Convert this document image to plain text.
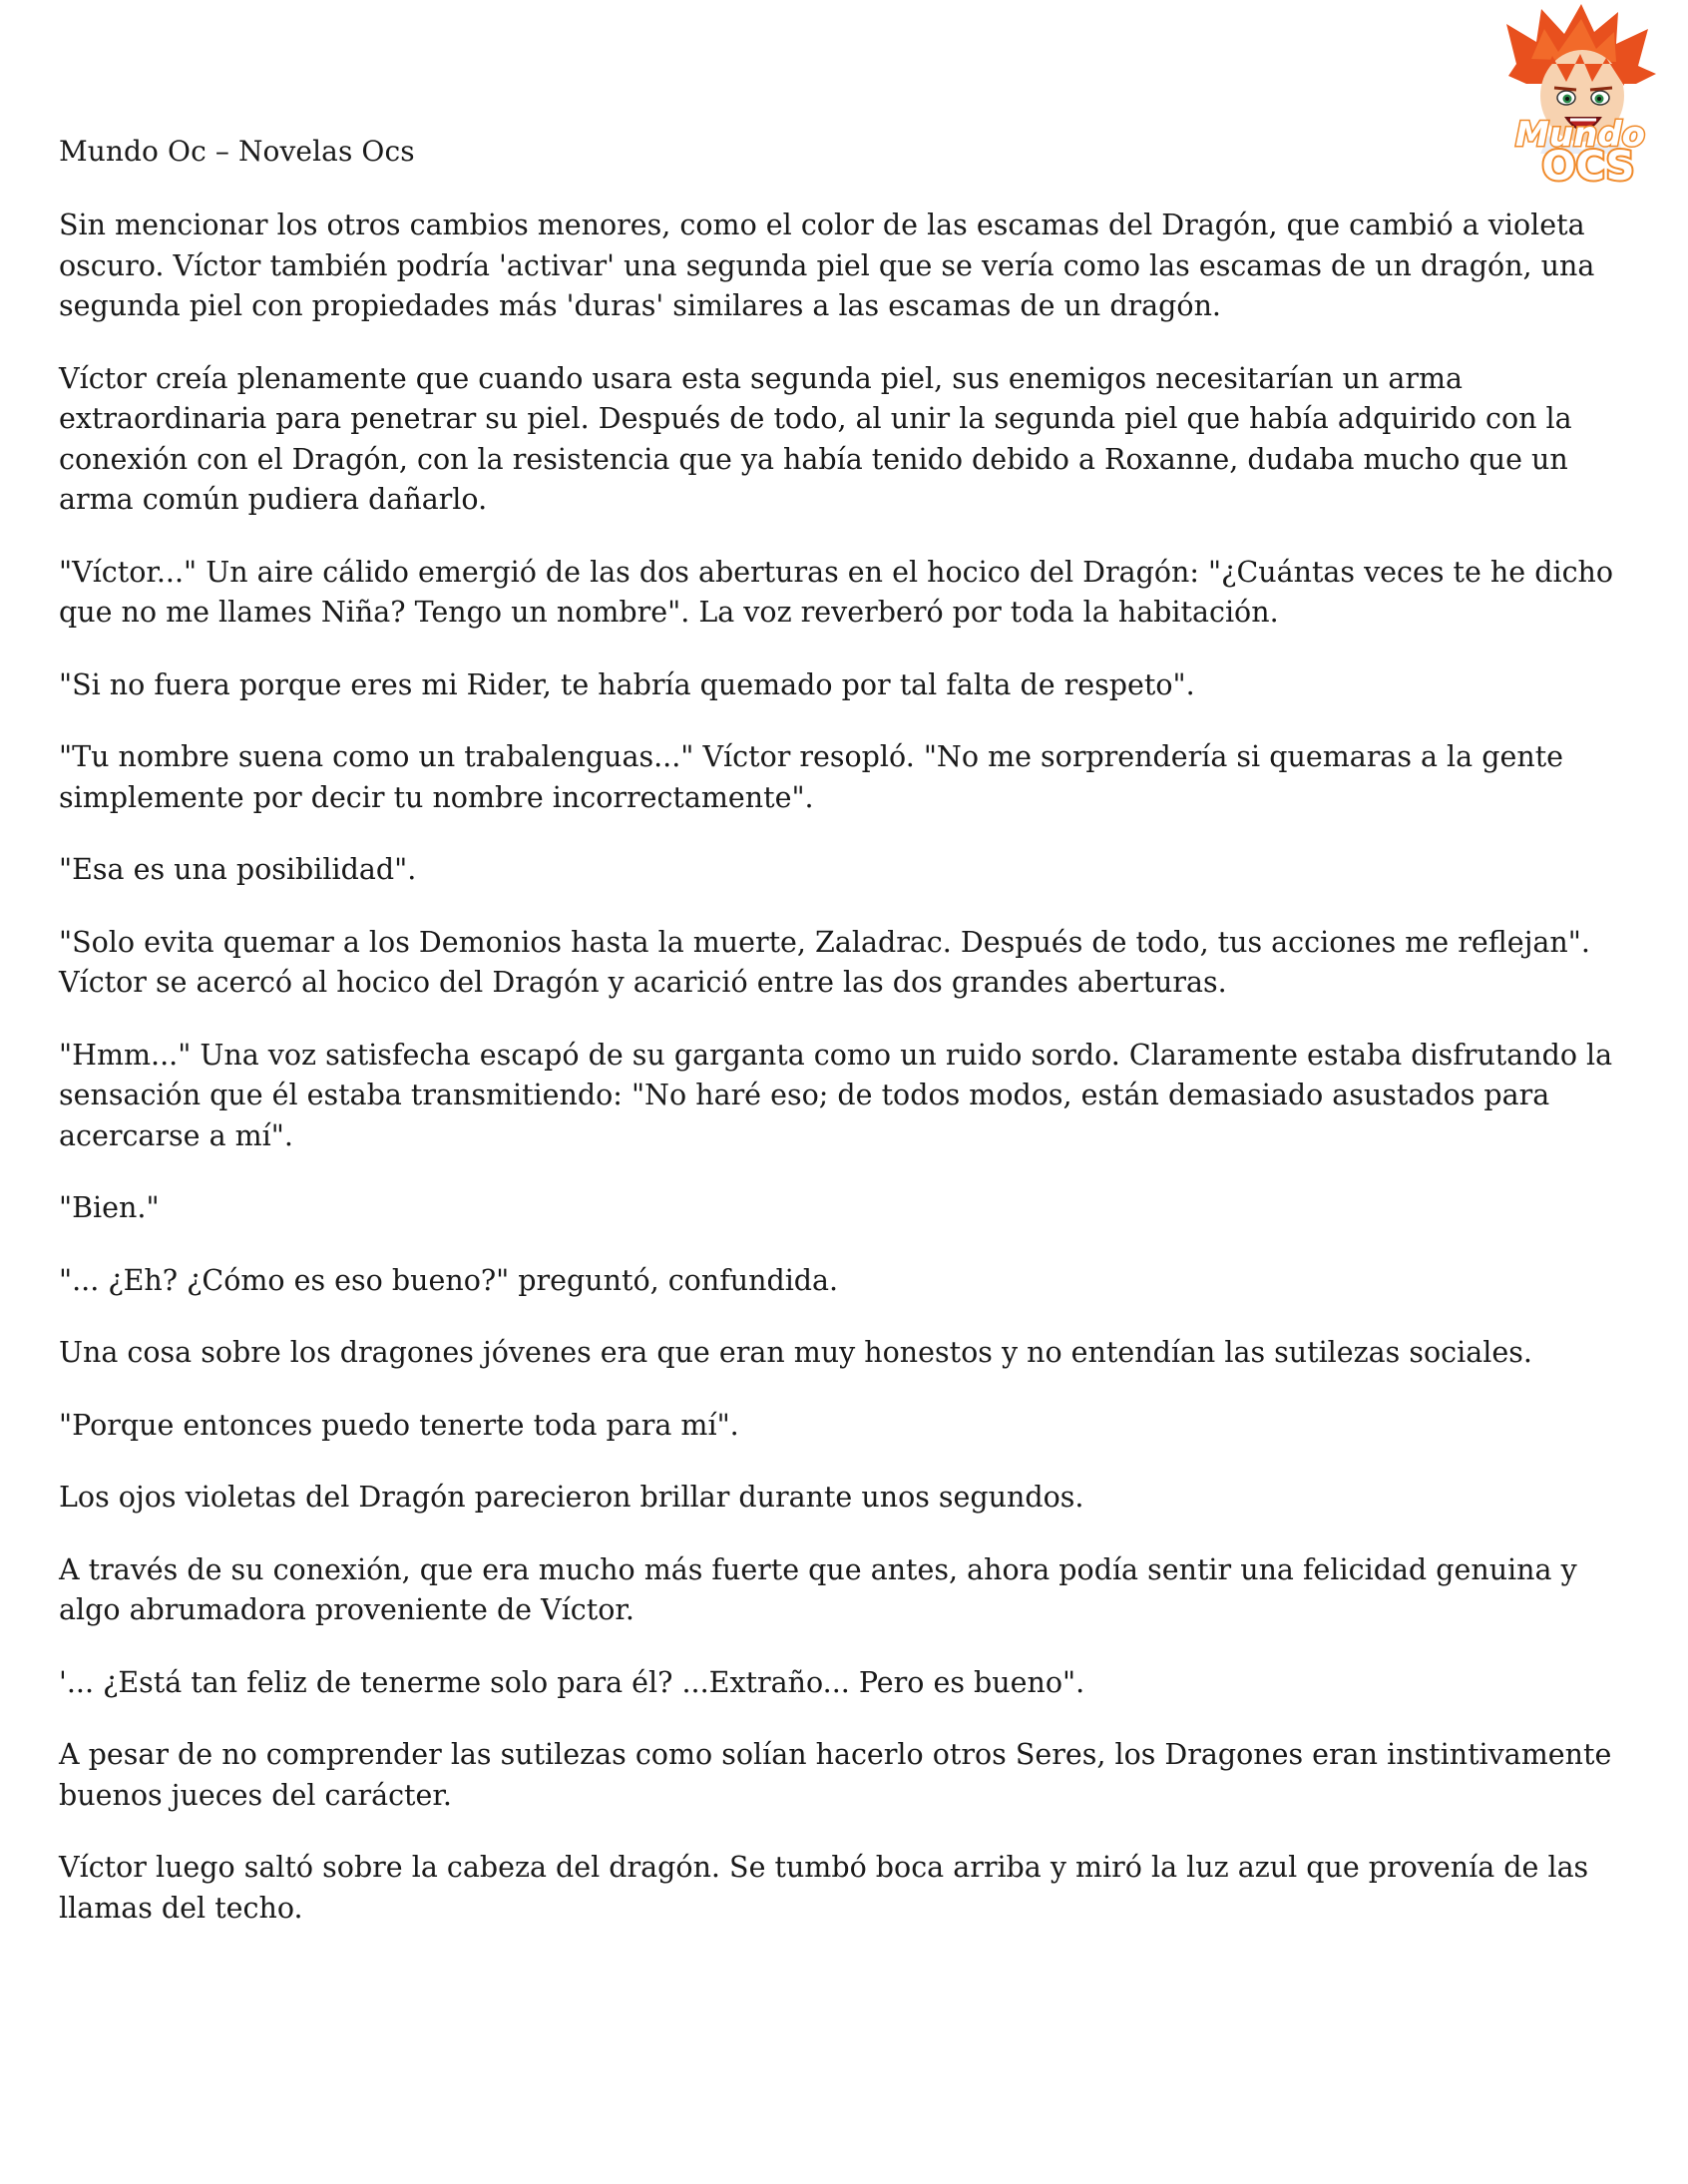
Mundo
OCS
Mundo Oc – Novelas Ocs

Sin mencionar los otros cambios menores, como el color de las escamas del Dragón, que cambió a violeta oscuro. Víctor también podría 'activar' una segunda piel que se vería como las escamas de un dragón, una segunda piel con propiedades más 'duras' similares a las escamas de un dragón.

Víctor creía plenamente que cuando usara esta segunda piel, sus enemigos necesitarían un arma extraordinaria para penetrar su piel. Después de todo, al unir la segunda piel que había adquirido con la conexión con el Dragón, con la resistencia que ya había tenido debido a Roxanne, dudaba mucho que un arma común pudiera dañarlo.

"Víctor..." Un aire cálido emergió de las dos aberturas en el hocico del Dragón: "¿Cuántas veces te he dicho que no me llames Niña? Tengo un nombre". La voz reverberó por toda la habitación.

"Si no fuera porque eres mi Rider, te habría quemado por tal falta de respeto".

"Tu nombre suena como un trabalenguas..." Víctor resopló. "No me sorprendería si quemaras a la gente simplemente por decir tu nombre incorrectamente".

"Esa es una posibilidad".

"Solo evita quemar a los Demonios hasta la muerte, Zaladrac. Después de todo, tus acciones me reflejan". Víctor se acercó al hocico del Dragón y acarició entre las dos grandes aberturas.

"Hmm..." Una voz satisfecha escapó de su garganta como un ruido sordo. Claramente estaba disfrutando la sensación que él estaba transmitiendo: "No haré eso; de todos modos, están demasiado asustados para acercarse a mí".

"Bien."

"... ¿Eh? ¿Cómo es eso bueno?" preguntó, confundida.

Una cosa sobre los dragones jóvenes era que eran muy honestos y no entendían las sutilezas sociales.

"Porque entonces puedo tenerte toda para mí".

Los ojos violetas del Dragón parecieron brillar durante unos segundos.

A través de su conexión, que era mucho más fuerte que antes, ahora podía sentir una felicidad genuina y algo abrumadora proveniente de Víctor.

'... ¿Está tan feliz de tenerme solo para él? ...Extraño... Pero es bueno".

A pesar de no comprender las sutilezas como solían hacerlo otros Seres, los Dragones eran instintivamente buenos jueces del carácter.

Víctor luego saltó sobre la cabeza del dragón. Se tumbó boca arriba y miró la luz azul que provenía de las llamas del techo.
